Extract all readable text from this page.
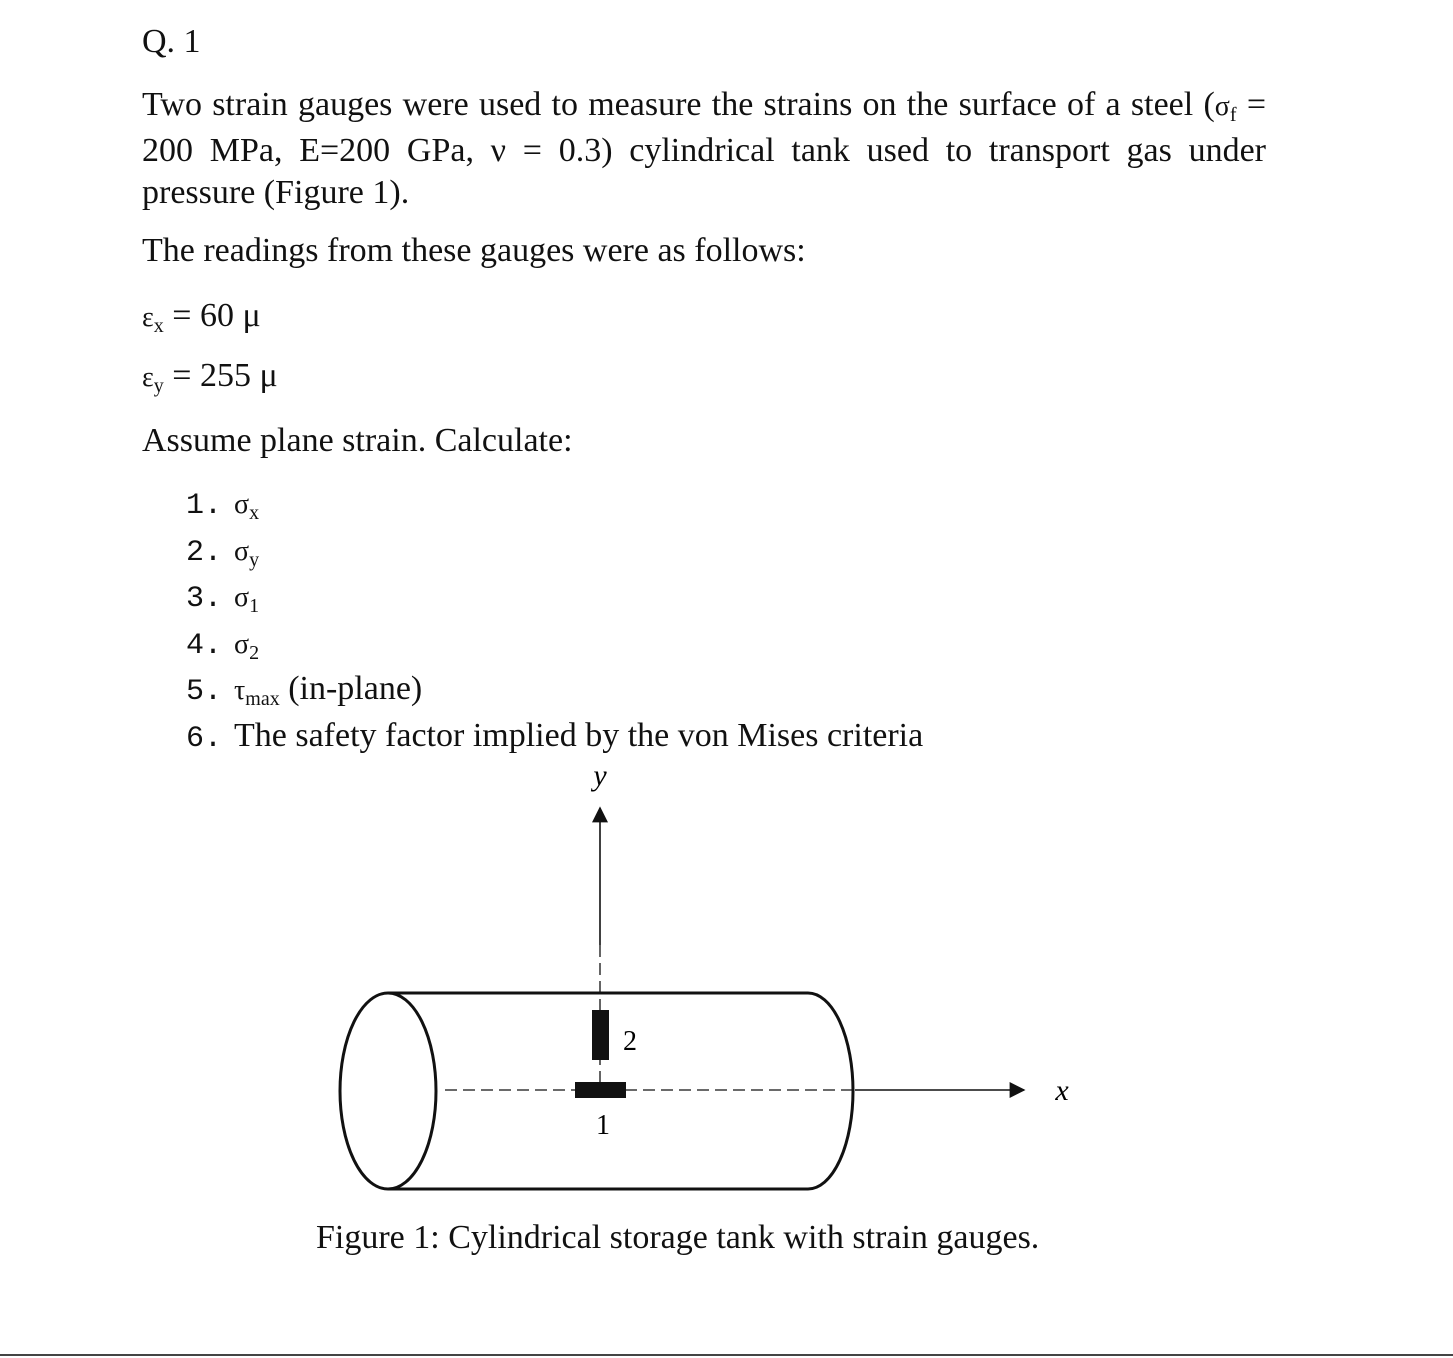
Q. 1
Two strain gauges were used to measure the strains on the surface of a steel (σf = 200 MPa, E=200 GPa, ν = 0.3) cylindrical tank used to transport gas under pressure (Figure 1).
The readings from these gauges were as follows:
εx = 60 μ
εy = 255 μ
Assume plane strain. Calculate:
1. σx
2. σy
3. σ1
4. σ2
5. τmax (in-plane)
6. The safety factor implied by the von Mises criteria
y
x
2
1
Figure 1: Cylindrical storage tank with strain gauges.
